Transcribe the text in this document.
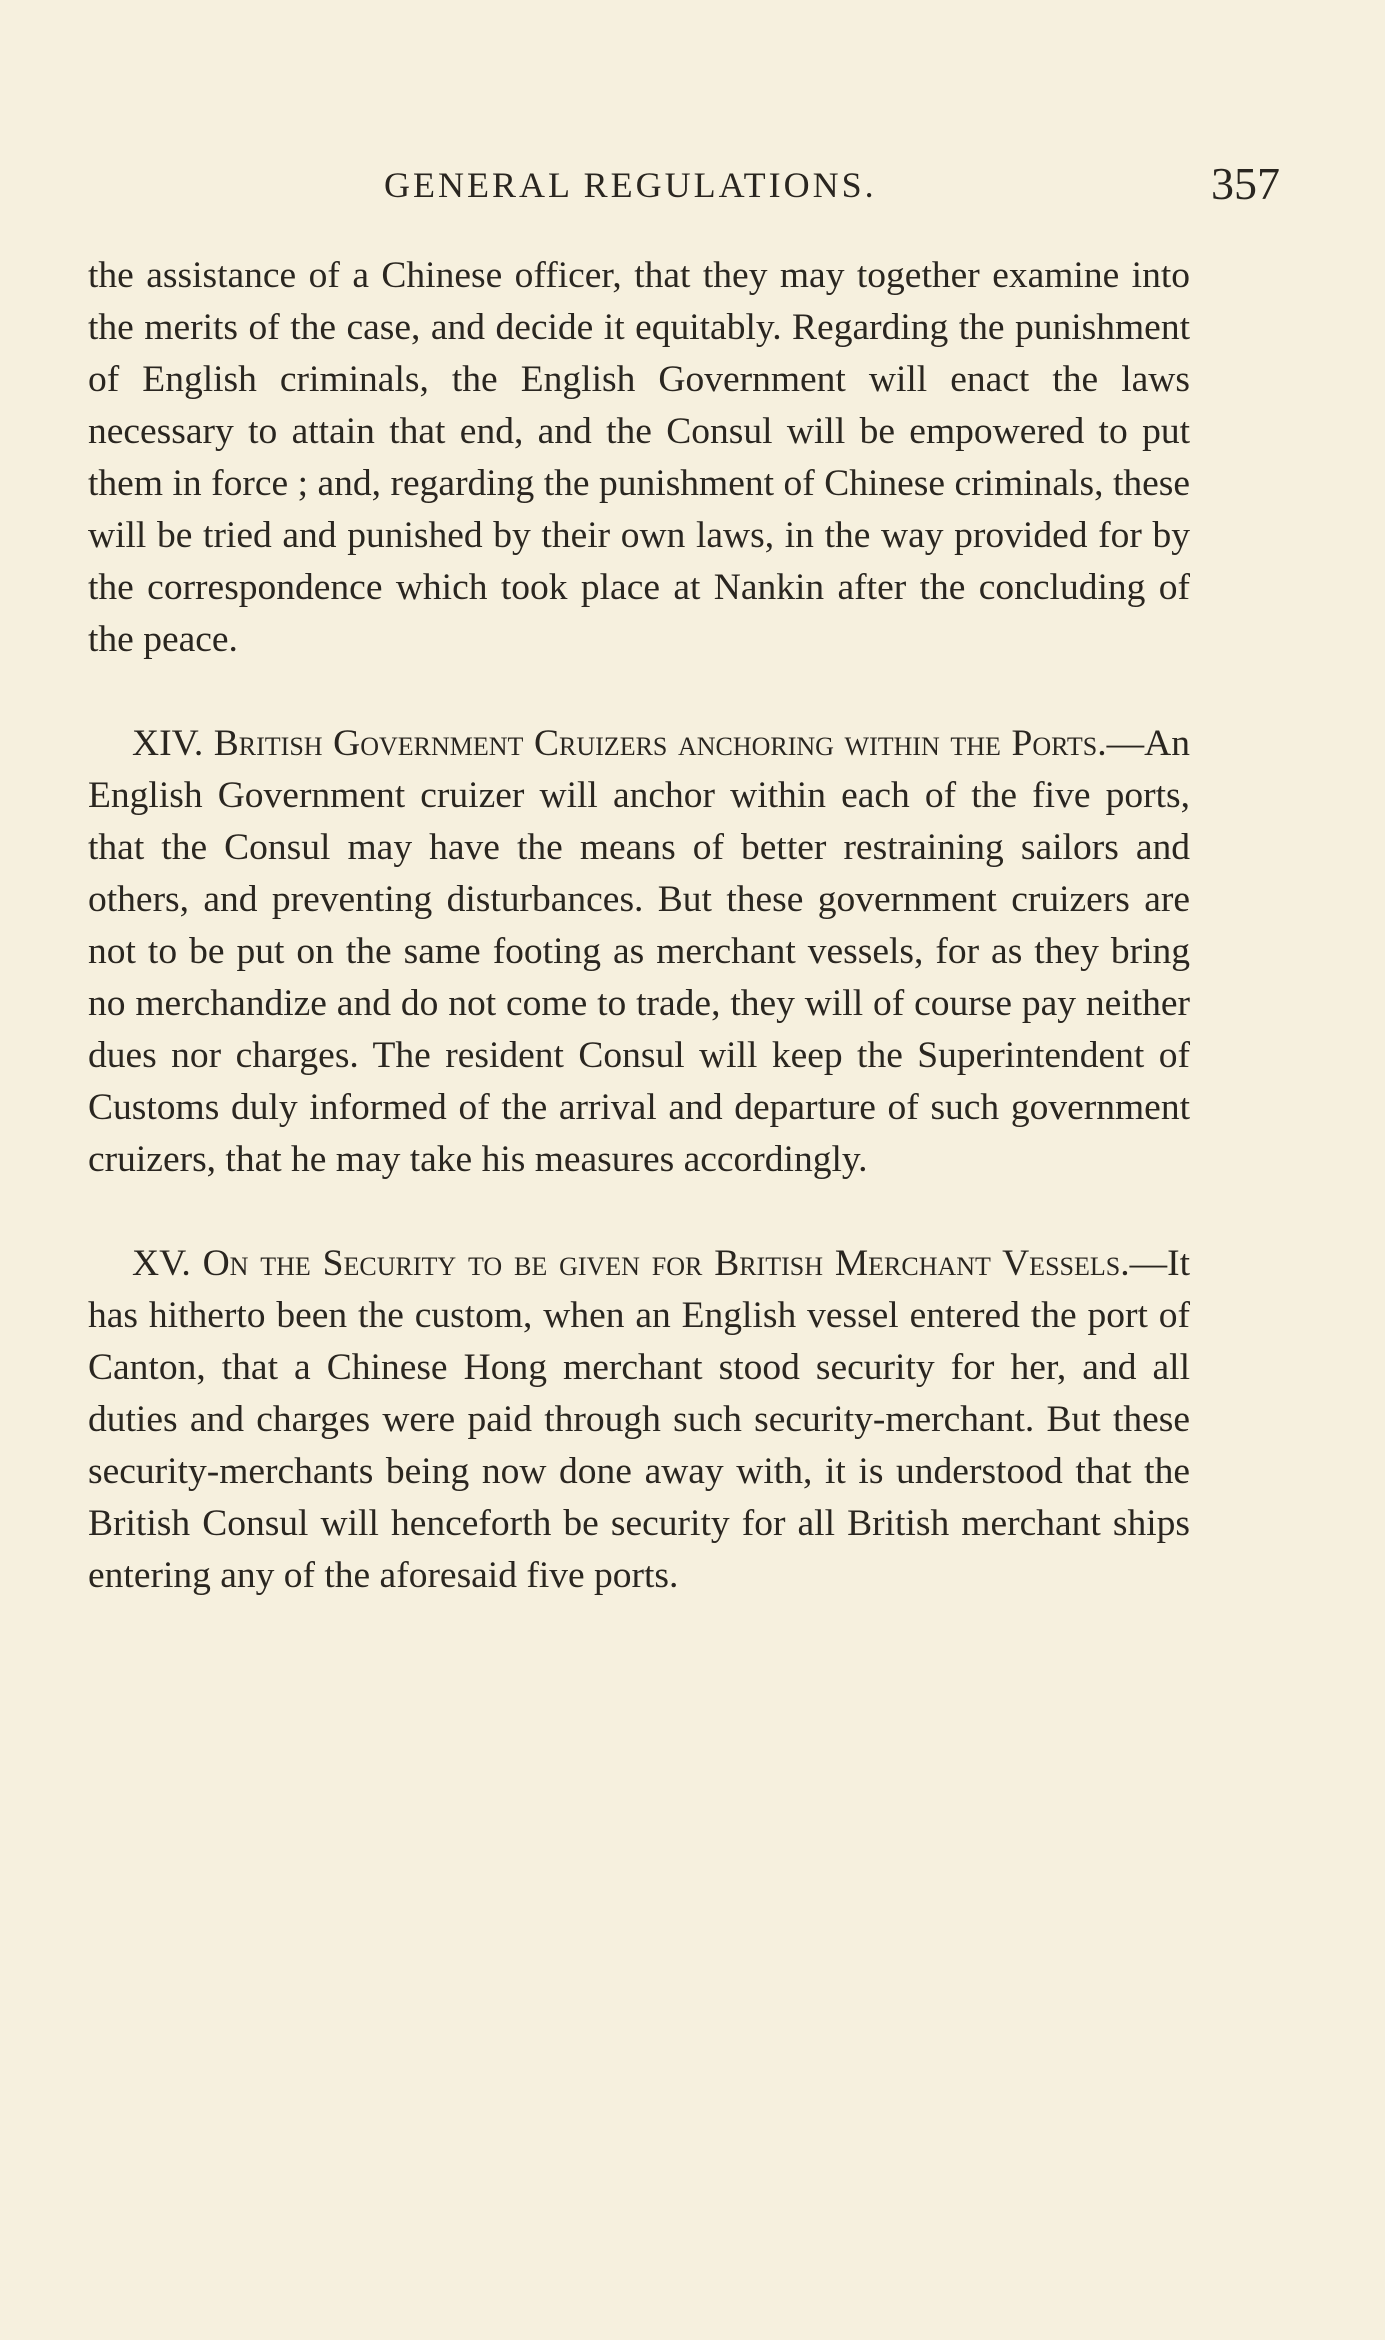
GENERAL REGULATIONS.	357

the assistance of a Chinese officer, that they may together examine into the merits of the case, and decide it equitably. Regarding the punishment of English criminals, the English Government will enact the laws necessary to attain that end, and the Consul will be empowered to put them in force ; and, regarding the punishment of Chinese criminals, these will be tried and punished by their own laws, in the way provided for by the correspondence which took place at Nankin after the concluding of the peace.

XIV. British Government Cruizers anchoring within the Ports.—An English Government cruizer will anchor within each of the five ports, that the Consul may have the means of better restraining sailors and others, and preventing disturbances. But these government cruizers are not to be put on the same footing as merchant vessels, for as they bring no merchandize and do not come to trade, they will of course pay neither dues nor charges. The resident Consul will keep the Superintendent of Customs duly informed of the arrival and departure of such government cruizers, that he may take his measures accordingly.

XV. On the Security to be given for British Merchant Vessels.—It has hitherto been the custom, when an English vessel entered the port of Canton, that a Chinese Hong merchant stood security for her, and all duties and charges were paid through such security-merchant. But these security-merchants being now done away with, it is understood that the British Consul will henceforth be security for all British merchant ships entering any of the aforesaid five ports.
